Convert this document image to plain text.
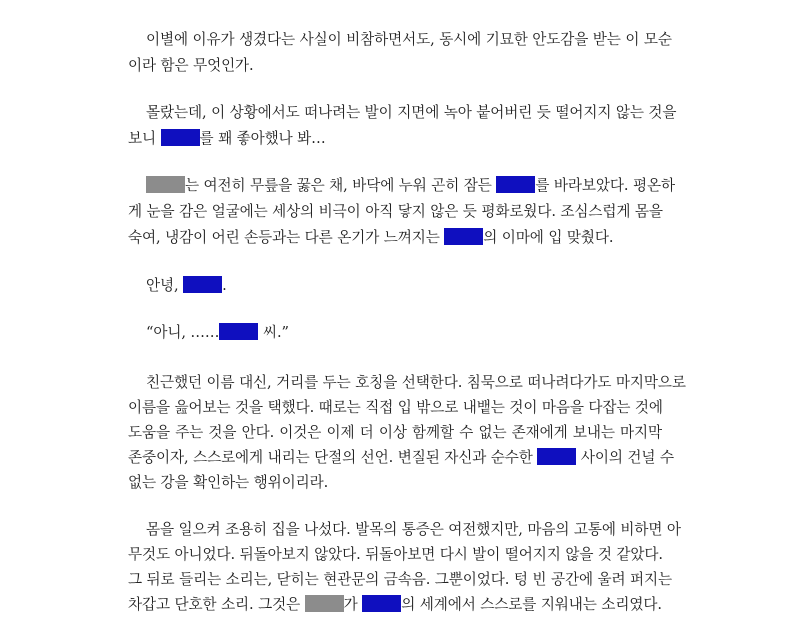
이별에 이유가 생겼다는 사실이 비참하면서도, 동시에 기묘한 안도감을 받는 이 모순
이라 함은 무엇인가.
몰랐는데, 이 상황에서도 떠나려는 발이 지면에 녹아 붙어버린 듯 떨어지지 않는 것을
보니	를 꽤 좋아했나 봐…
는 여전히 무릎을 꿇은 채, 바닥에 누워 곤히 잠든	를 바라보았다. 평온하
게 눈을 감은 얼굴에는 세상의 비극이 아직 닿지 않은 듯 평화로웠다. 조심스럽게 몸을
숙여, 냉감이 어린 손등과는 다른 온기가 느껴지는	의 이마에 입 맞췄다.
안녕,	.
“아니, ……	씨.”
친근했던 이름 대신, 거리를 두는 호칭을 선택한다. 침묵으로 떠나려다가도 마지막으로
이름을 읊어보는 것을 택했다. 때로는 직접 입 밖으로 내뱉는 것이 마음을 다잡는 것에
도움을 주는 것을 안다. 이것은 이제 더 이상 함께할 수 없는 존재에게 보내는 마지막
존중이자, 스스로에게 내리는 단절의 선언. 변질된 자신과 순수한	사이의 건널 수
없는 강을 확인하는 행위이리라.
몸을 일으켜 조용히 집을 나섰다. 발목의 통증은 여전했지만, 마음의 고통에 비하면 아
무것도 아니었다. 뒤돌아보지 않았다. 뒤돌아보면 다시 발이 떨어지지 않을 것 같았다.
그 뒤로 들리는 소리는, 닫히는 현관문의 금속음. 그뿐이었다. 텅 빈 공간에 울려 퍼지는
차갑고 단호한 소리. 그것은	가	의 세계에서 스스로를 지워내는 소리였다.
